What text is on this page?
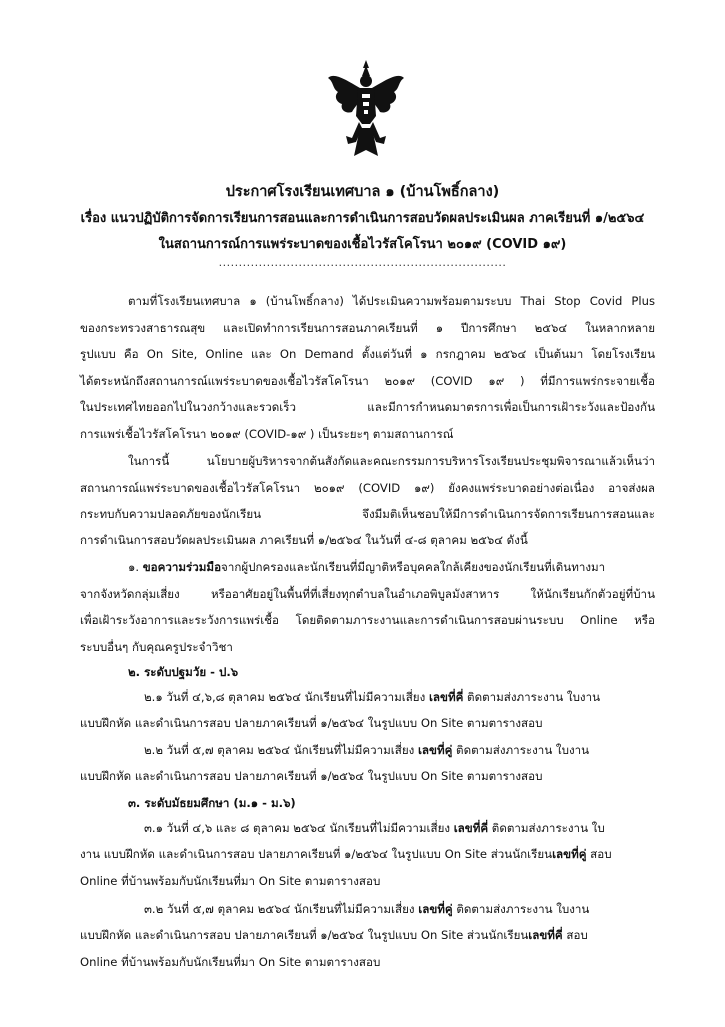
ประกาศโรงเรียนเทศบาล ๑ (บ้านโพธิ์กลาง)
เรื่อง แนวปฏิบัติการจัดการเรียนการสอนและการดำเนินการสอบวัดผลประเมินผล ภาคเรียนที่ ๑/๒๕๖๔
ในสถานการณ์การแพร่ระบาดของเชื้อไวรัสโคโรนา ๒๐๑๙ (COVID ๑๙)
........................................................................
ตามที่โรงเรียนเทศบาล ๑ (บ้านโพธิ์กลาง) ได้ประเมินความพร้อมตามระบบ Thai Stop Covid Plus
ของกระทรวงสาธารณสุข และเปิดทำการเรียนการสอนภาคเรียนที่ ๑ ปีการศึกษา ๒๕๖๔ ในหลากหลาย
รูปแบบ คือ On Site, Online และ On Demand ตั้งแต่วันที่ ๑ กรกฎาคม ๒๕๖๔ เป็นต้นมา โดยโรงเรียน
ได้ตระหนักถึงสถานการณ์แพร่ระบาดของเชื้อไวรัสโคโรนา ๒๐๑๙ (COVID ๑๙ ) ที่มีการแพร่กระจายเชื้อ
ในประเทศไทยออกไปในวงกว้างและรวดเร็ว และมีการกำหนดมาตรการเพื่อเป็นการเฝ้าระวังและป้องกัน
การแพร่เชื้อไวรัสโคโรนา ๒๐๑๙ (COVID-๑๙ ) เป็นระยะๆ ตามสถานการณ์
ในการนี้ นโยบายผู้บริหารจากต้นสังกัดและคณะกรรมการบริหารโรงเรียนประชุมพิจารณาแล้วเห็นว่า
สถานการณ์แพร่ระบาดของเชื้อไวรัสโคโรนา ๒๐๑๙ (COVID ๑๙) ยังคงแพร่ระบาดอย่างต่อเนื่อง อาจส่งผล
กระทบกับความปลอดภัยของนักเรียน จึงมีมติเห็นชอบให้มีการดำเนินการจัดการเรียนการสอนและ
การดำเนินการสอบวัดผลประเมินผล ภาคเรียนที่ ๑/๒๕๖๔ ในวันที่ ๔-๘ ตุลาคม ๒๕๖๔ ดังนี้
๑. ขอความร่วมมือจากผู้ปกครองและนักเรียนที่มีญาติหรือบุคคลใกล้เคียงของนักเรียนที่เดินทางมา
จากจังหวัดกลุ่มเสี่ยง หรืออาศัยอยู่ในพื้นที่ที่เสี่ยงทุกตำบลในอำเภอพิบูลมังสาหาร ให้นักเรียนกักตัวอยู่ที่บ้าน
เพื่อเฝ้าระวังอาการและระวังการแพร่เชื้อ โดยติดตามภาระงานและการดำเนินการสอบผ่านระบบ Online หรือ
ระบบอื่นๆ กับคุณครูประจำวิชา
๒. ระดับปฐมวัย - ป.๖
๒.๑ วันที่ ๔,๖,๘ ตุลาคม ๒๕๖๔ นักเรียนที่ไม่มีความเสี่ยง เลขที่คี่ ติดตามส่งภาระงาน ใบงาน
แบบฝึกหัด และดำเนินการสอบ ปลายภาคเรียนที่ ๑/๒๕๖๔ ในรูปแบบ On Site ตามตารางสอบ
๒.๒ วันที่ ๕,๗ ตุลาคม ๒๕๖๔ นักเรียนที่ไม่มีความเสี่ยง เลขที่คู่ ติดตามส่งภาระงาน ใบงาน
แบบฝึกหัด และดำเนินการสอบ ปลายภาคเรียนที่ ๑/๒๕๖๔ ในรูปแบบ On Site ตามตารางสอบ
๓. ระดับมัธยมศึกษา (ม.๑ - ม.๖)
๓.๑ วันที่ ๔,๖ และ ๘ ตุลาคม ๒๕๖๔ นักเรียนที่ไม่มีความเสี่ยง เลขที่คี่ ติดตามส่งภาระงาน ใบ
งาน แบบฝึกหัด และดำเนินการสอบ ปลายภาคเรียนที่ ๑/๒๕๖๔ ในรูปแบบ On Site ส่วนนักเรียนเลขที่คู่ สอบ
Online ที่บ้านพร้อมกับนักเรียนที่มา On Site ตามตารางสอบ
๓.๒ วันที่ ๕,๗ ตุลาคม ๒๕๖๔ นักเรียนที่ไม่มีความเสี่ยง เลขที่คู่ ติดตามส่งภาระงาน ใบงาน
แบบฝึกหัด และดำเนินการสอบ ปลายภาคเรียนที่ ๑/๒๕๖๔ ในรูปแบบ On Site ส่วนนักเรียนเลขที่คี่ สอบ
Online ที่บ้านพร้อมกับนักเรียนที่มา On Site ตามตารางสอบ
